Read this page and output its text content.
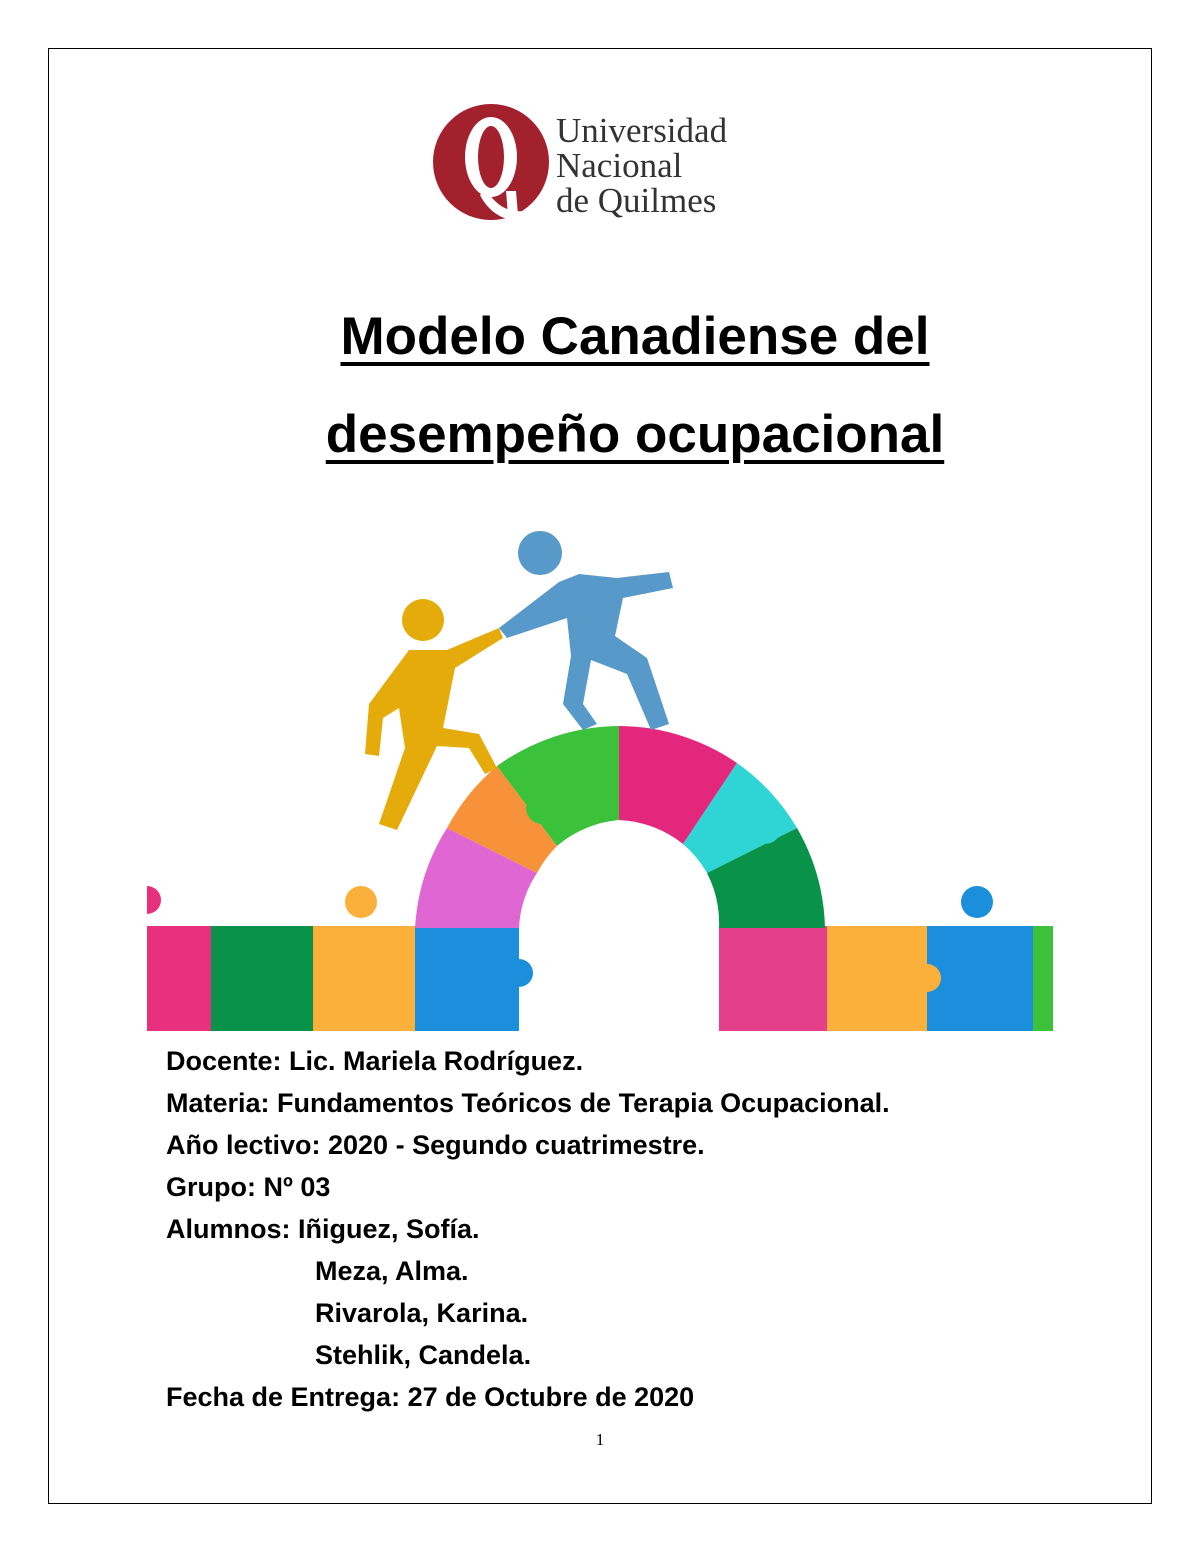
Universidad
Nacional
de Quilmes
Modelo Canadiense del
desempeño ocupacional
Docente: Lic. Mariela Rodríguez.
Materia: Fundamentos Teóricos de Terapia Ocupacional.
Año lectivo: 2020 - Segundo cuatrimestre.
Grupo: Nº 03
Alumnos: Iñiguez, Sofía.
Meza, Alma.
Rivarola, Karina.
Stehlik, Candela.
Fecha de Entrega: 27 de Octubre de 2020
1
